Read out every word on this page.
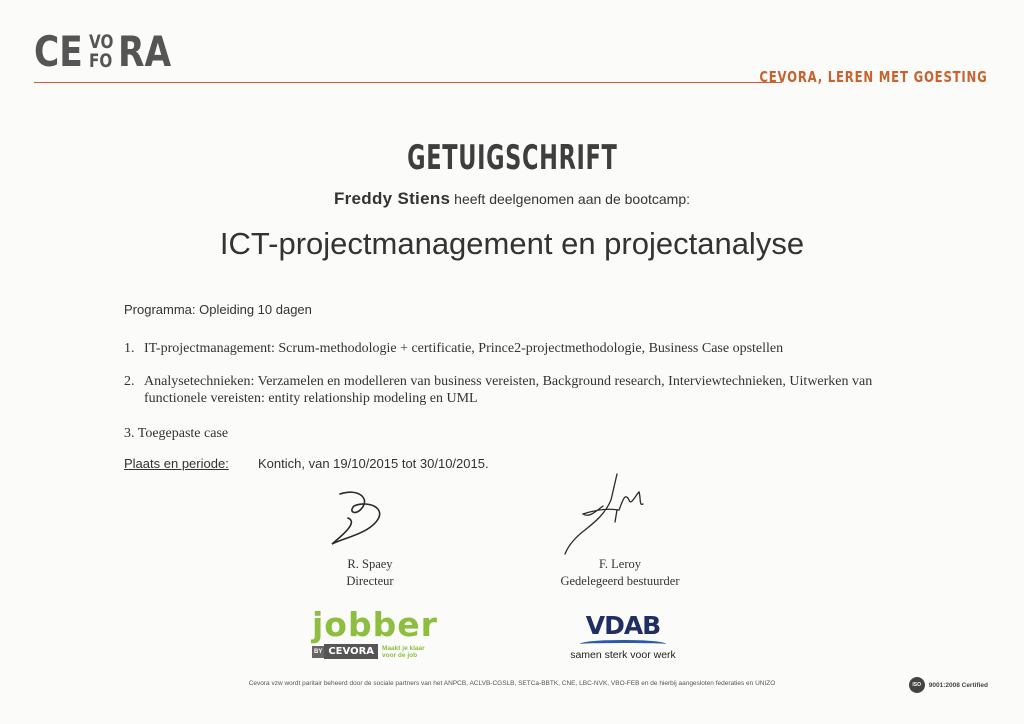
CE VO
FO RA
CEVORA, LEREN MET GOESTING
GETUIGSCHRIFT
Freddy Stiens heeft deelgenomen aan de bootcamp:
ICT-projectmanagement en projectanalyse
Programma: Opleiding 10 dagen
1. IT-projectmanagement: Scrum-methodologie + certificatie, Prince2-projectmethodologie, Business Case opstellen
2. Analysetechnieken: Verzamelen en modelleren van business vereisten, Background research, Interviewtechnieken, Uitwerken van
functionele vereisten: entity relationship modeling en UML
3. Toegepaste case
Plaats en periode: Kontich, van 19/10/2015 tot 30/10/2015.
R. Spaey
Directeur
F. Leroy
Gedelegeerd bestuurder
jobber
BY CEVORA	Maakt je klaar
voor de job
VDAB
samen sterk voor werk
Cevora vzw wordt paritair beheerd door de sociale partners van het ANPCB, ACLVB-CGSLB, SETCa-BBTK, CNE, LBC-NVK, VBO-FEB en de hierbij aangesloten federaties en UNIZO	ISO	9001:2008 Certified
